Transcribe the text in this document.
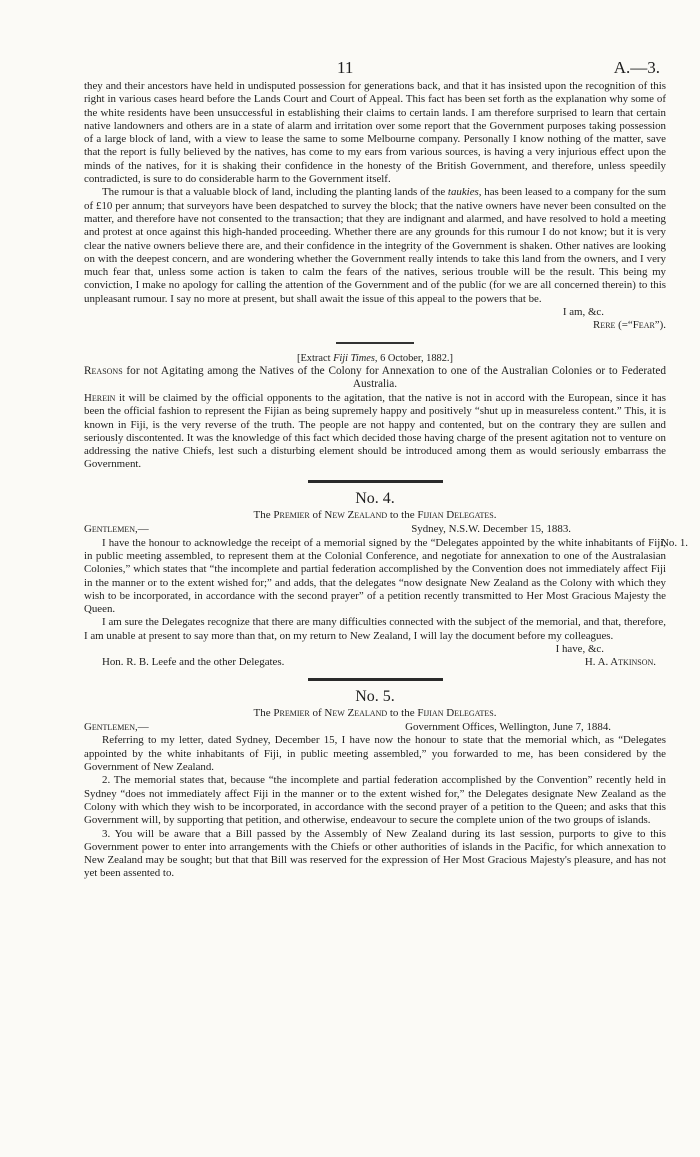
11	A.—3.

they and their ancestors have held in undisputed possession for generations back, and that it has insisted upon the recognition of this right in various cases heard before the Lands Court and Court of Appeal. This fact has been set forth as the explanation why some of the white residents have been unsuccessful in establishing their claims to certain lands. I am therefore surprised to learn that certain native landowners and others are in a state of alarm and irritation over some report that the Government purposes taking possession of a large block of land, with a view to lease the same to some Melbourne company. Personally I know nothing of the matter, save that the report is fully believed by the natives, has come to my ears from various sources, is having a very injurious effect upon the minds of the natives, for it is shaking their confidence in the honesty of the British Government, and therefore, unless speedily contradicted, is sure to do considerable harm to the Government itself.

The rumour is that a valuable block of land, including the planting lands of the taukies, has been leased to a company for the sum of £10 per annum; that surveyors have been despatched to survey the block; that the native owners have never been consulted on the matter, and therefore have not consented to the transaction; that they are indignant and alarmed, and have resolved to hold a meeting and protest at once against this high-handed proceeding. Whether there are any grounds for this rumour I do not know; but it is very clear the native owners believe there are, and their confidence in the integrity of the Government is shaken. Other natives are looking on with the deepest concern, and are wondering whether the Government really intends to take this land from the owners, and I very much fear that, unless some action is taken to calm the fears of the natives, serious trouble will be the result. This being my conviction, I make no apology for calling the attention of the Government and of the public (for we are all concerned therein) to this unpleasant rumour. I say no more at present, but shall await the issue of this appeal to the powers that be.

I am, &c.

Rere (=“Fear”).

[Extract Fiji Times, 6 October, 1882.]

Reasons for not Agitating among the Natives of the Colony for Annexation to one of the Australian Colonies or to Federated Australia.

Herein it will be claimed by the official opponents to the agitation, that the native is not in accord with the European, since it has been the official fashion to represent the Fijian as being supremely happy and positively “shut up in measureless content.” This, it is known in Fiji, is the very reverse of the truth. The people are not happy and contented, but on the contrary they are sullen and seriously discontented. It was the knowledge of this fact which decided those having charge of the present agitation not to venture on addressing the native Chiefs, lest such a disturbing element should be introduced among them as would seriously embarrass the Government.

No. 4.
The Premier of New Zealand to the Fijian Delegates.
Gentlemen,—	Sydney, N.S.W. December 15, 1883.
No. 1.

I have the honour to acknowledge the receipt of a memorial signed by the “Delegates appointed by the white inhabitants of Fiji, in public meeting assembled, to represent them at the Colonial Conference, and negotiate for annexation to one of the Australasian Colonies,” which states that “the incomplete and partial federation accomplished by the Convention does not immediately affect Fiji in the manner or to the extent wished for;” and adds, that the delegates “now designate New Zealand as the Colony with which they wish to be incorporated, in accordance with the second prayer” of a petition recently transmitted to Her Most Gracious Majesty the Queen.

I am sure the Delegates recognize that there are many difficulties connected with the subject of the memorial, and that, therefore, I am unable at present to say more than that, on my return to New Zealand, I will lay the document before my colleagues.

I have, &c.

Hon. R. B. Leefe and the other Delegates.	H. A. Atkinson.
No. 5.
The Premier of New Zealand to the Fijian Delegates.
Gentlemen,—	Government Offices, Wellington, June 7, 1884.

Referring to my letter, dated Sydney, December 15, I have now the honour to state that the memorial which, as “Delegates appointed by the white inhabitants of Fiji, in public meeting assembled,” you forwarded to me, has been considered by the Government of New Zealand.

2. The memorial states that, because “the incomplete and partial federation accomplished by the Convention” recently held in Sydney “does not immediately affect Fiji in the manner or to the extent wished for,” the Delegates designate New Zealand as the Colony with which they wish to be incorporated, in accordance with the second prayer of a petition to the Queen; and asks that this Government will, by supporting that petition, and otherwise, endeavour to secure the complete union of the two groups of islands.

3. You will be aware that a Bill passed by the Assembly of New Zealand during its last session, purports to give to this Government power to enter into arrangements with the Chiefs or other authorities of islands in the Pacific, for which annexation to New Zealand may be sought; but that that Bill was reserved for the expression of Her Most Gracious Majesty's pleasure, and has not yet been assented to.
